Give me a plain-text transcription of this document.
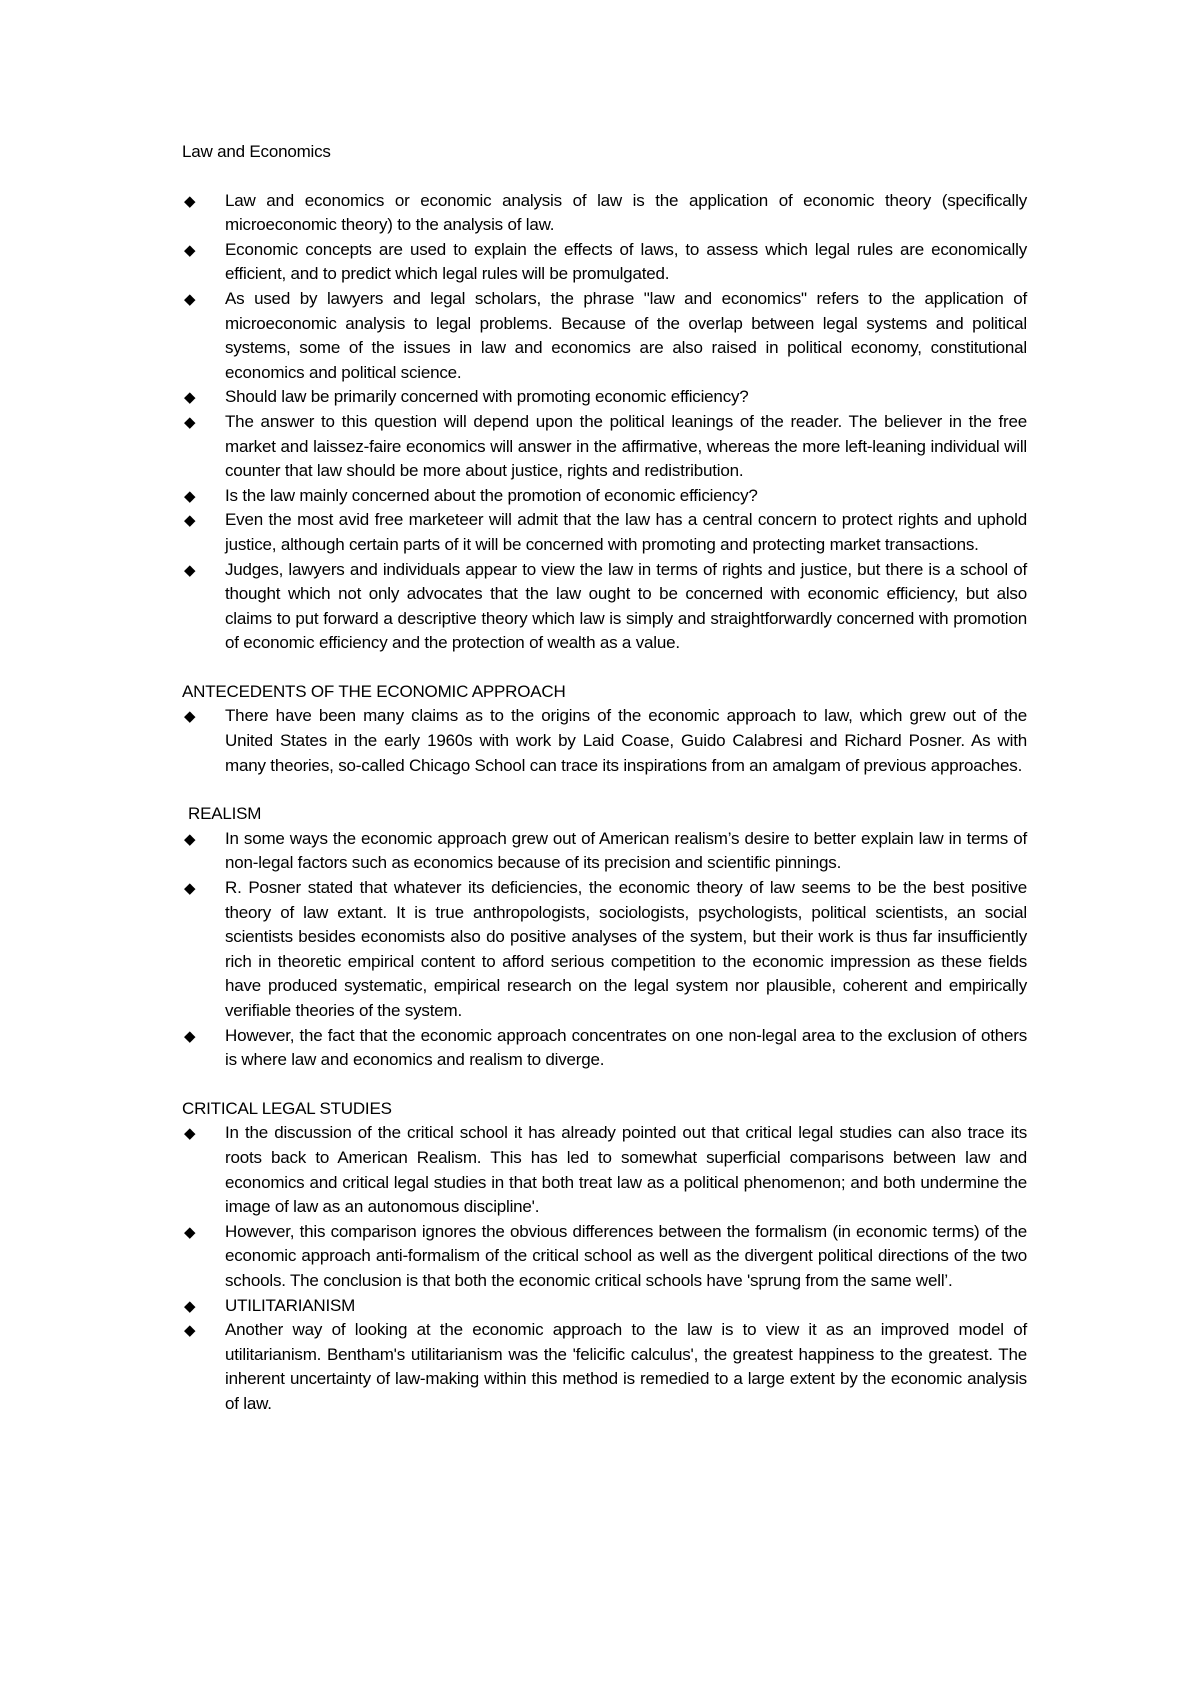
Law and Economics

◆ Law and economics or economic analysis of law is the application of economic theory (specifically microeconomic theory) to the analysis of law.
◆ Economic concepts are used to explain the effects of laws, to assess which legal rules are economically efficient, and to predict which legal rules will be promulgated.
◆ As used by lawyers and legal scholars, the phrase "law and economics" refers to the application of microeconomic analysis to legal problems. Because of the overlap between legal systems and political systems, some of the issues in law and economics are also raised in political economy, constitutional economics and political science.
◆ Should law be primarily concerned with promoting economic efficiency?
◆ The answer to this question will depend upon the political leanings of the reader. The believer in the free market and laissez-faire economics will answer in the affirmative, whereas the more left-leaning individual will counter that law should be more about justice, rights and redistribution.
◆ Is the law mainly concerned about the promotion of economic efficiency?
◆ Even the most avid free marketeer will admit that the law has a central concern to protect rights and uphold justice, although certain parts of it will be concerned with promoting and protecting market transactions.
◆ Judges, lawyers and individuals appear to view the law in terms of rights and justice, but there is a school of thought which not only advocates that the law ought to be concerned with economic efficiency, but also claims to put forward a descriptive theory which law is simply and straightforwardly concerned with promotion of economic efficiency and the protection of wealth as a value.

ANTECEDENTS OF THE ECONOMIC APPROACH

◆ There have been many claims as to the origins of the economic approach to law, which grew out of the United States in the early 1960s with work by Laid Coase, Guido Calabresi and Richard Posner. As with many theories, so-called Chicago School can trace its inspirations from an amalgam of previous approaches.

REALISM

◆ In some ways the economic approach grew out of American realism’s desire to better explain law in terms of non-legal factors such as economics because of its precision and scientific pinnings.
◆ R. Posner stated that whatever its deficiencies, the economic theory of law seems to be the best positive theory of law extant. It is true anthropologists, sociologists, psychologists, political scientists, an social scientists besides economists also do positive analyses of the system, but their work is thus far insufficiently rich in theoretic empirical content to afford serious competition to the economic impression as these fields have produced systematic, empirical research on the legal system nor plausible, coherent and empirically verifiable theories of the system.
◆ However, the fact that the economic approach concentrates on one non-legal area to the exclusion of others is where law and economics and realism to diverge.

CRITICAL LEGAL STUDIES

◆ In the discussion of the critical school it has already pointed out that critical legal studies can also trace its roots back to American Realism. This has led to somewhat superficial comparisons between law and economics and critical legal studies in that both treat law as a political phenomenon; and both undermine the image of law as an autonomous discipline'.
◆ However, this comparison ignores the obvious differences between the formalism (in economic terms) of the economic approach anti-formalism of the critical school as well as the divergent political directions of the two schools. The conclusion is that both the economic critical schools have 'sprung from the same well’.
◆ UTILITARIANISM
◆ Another way of looking at the economic approach to the law is to view it as an improved model of utilitarianism. Bentham's utilitarianism was the 'felicific calculus', the greatest happiness to the greatest. The inherent uncertainty of law-making within this method is remedied to a large extent by the economic analysis of law.
